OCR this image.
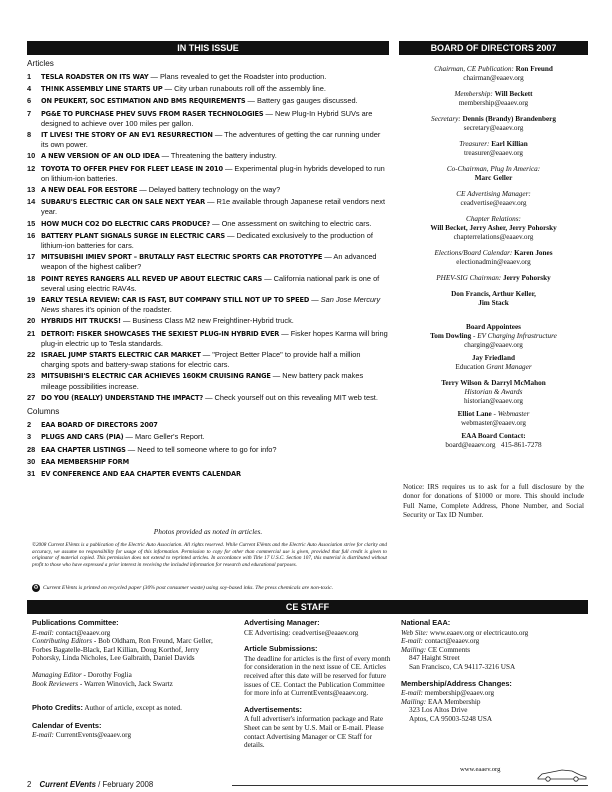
IN THIS ISSUE
Articles
1	TESLA ROADSTER ON ITS WAY — Plans revealed to get the Roadster into production.
4	TH!NK ASSEMBLY LINE STARTS UP — City urban runabouts roll off the assembly line.
6	ON PEUKERT, SOC ESTIMATION AND BMS REQUIREMENTS — Battery gas gauges discussed.
7	PG&E TO PURCHASE PHEV SUVS FROM RASER TECHNOLOGIES — New Plug-In Hybrid SUVs are designed to achieve over 100 miles per gallon.
8	IT LIVES! THE STORY OF AN EV1 RESURRECTION — The adventures of getting the car running under its own power.
10 A NEW VERSION OF AN OLD IDEA — Threatening the battery industry.
12 TOYOTA TO OFFER PHEV FOR FLEET LEASE IN 2010 — Experimental plug-in hybrids developed to run on lithium-ion batteries.
13 A NEW DEAL FOR EESTORE — Delayed battery technology on the way?
14 SUBARU'S ELECTRIC CAR ON SALE NEXT YEAR — R1e available through Japanese retail vendors next year.
15 HOW MUCH CO2 DO ELECTRIC CARS PRODUCE? — One assessment on switching to electric cars.
16 BATTERY PLANT SIGNALS SURGE IN ELECTRIC CARS — Dedicated exclusively to the production of lithium-ion batteries for cars.
17 MITSUBISHI IMIEV SPORT – BRUTALLY FAST ELECTRIC SPORTS CAR PROTOTYPE — An advanced weapon of the highest caliber?
18 POINT REYES RANGERS ALL REVED UP ABOUT ELECTRIC CARS — California national park is one of several using electric RAV4s.
19 EARLY TESLA REVIEW: CAR IS FAST, BUT COMPANY STILL NOT UP TO SPEED — San Jose Mercury News shares it's opinion of the roadster.
20 HYBRIDS HIT TRUCKS! — Business Class M2 new Freightliner-Hybrid truck.
21 DETROIT: FISKER SHOWCASES THE SEXIEST PLUG-IN HYBRID EVER — Fisker hopes Karma will bring plug-in electric up to Tesla standards.
22 ISRAEL JUMP STARTS ELECTRIC CAR MARKET — "Project Better Place" to provide half a million charging spots and battery-swap stations for electric cars.
23 MITSUBISHI'S ELECTRIC CAR ACHIEVES 160KM CRUISING RANGE — New battery pack makes mileage possibilities increase.
27 DO YOU (REALLY) UNDERSTAND THE IMPACT? — Check yourself out on this revealing MIT web test.
Columns
2	EAA BOARD OF DIRECTORS 2007
3	PLUGS AND CARS (PIA) — Marc Geller's Report.
28 EAA CHAPTER LISTINGS — Need to tell someone where to go for info?
30 EAA MEMBERSHIP FORM
31 EV CONFERENCE AND EAA CHAPTER EVENTS CALENDAR
BOARD OF DIRECTORS 2007
Chairman, CE Publication: Ron Freund
chairman@eaaev.org
Membership: Will Beckett
membership@eaaev.org
Secretary: Dennis (Brandy) Brandenberg
secretary@eaaev.org
Treasurer: Earl Killian
treasurer@eaaev.org
Co-Chairman, Plug In America:
Marc Geller
CE Advertising Manager:
ceadvertise@eaaev.org
Chapter Relations:
Will Becket, Jerry Asher, Jerry Pohorsky
chapterrelations@eaaev.org
Elections/Board Calendar: Karen Jones
electionadmin@eaaev.org
PHEV-SIG Chairman: Jerry Pohorsky
Don Francis, Arthur Keller,
Jim Stack
Board Appointees
Tom Dowling - EV Charging Infrastructure
charging@eaaev.org
Jay Friedland
Education Grant Manager
Terry Wilson & Darryl McMahon
Historian & Awards
historian@eaaev.org
Elliot Lane - Webmaster
webmaster@eaaev.org
EAA Board Contact:
board@eaaev.org 415-861-7278
Notice: IRS requires us to ask for a full disclosure by the donor for donations of $1000 or more. This should include Full Name, Complete Address, Phone Number, and Social Security or Tax ID Number.
Photos provided as noted in articles.
©2008 Current EVents is a publication of the Electric Auto Association. All rights reserved. While Current EVents and the Electric Auto Association strive for clarity and accuracy, we assume no responsibility for usage of this information. Permission to copy for other than commercial use is given, provided that full credit is given to originator of material copied. This permission does not extend to reprinted articles. In accordance with Title 17 U.S.C. Section 107, this material is distributed without profit to those who have expressed a prior interest in receiving the included information for research and educational purposes.
♻ Current EVents is printed on recycled paper (30% post consumer waste) using soy-based inks. The press chemicals are non-toxic.
CE STAFF
Publications Committee:
E-mail: contact@eaaev.org
Contributing Editors - Bob Oldham, Ron Freund, Marc Geller, Forbes Bagatelle-Black, Earl Killian, Doug Korthof, Jerry Pohorsky, Linda Nicholes, Lee Galbraith, Daniel Davids
Managing Editor - Dorothy Foglia
Book Reviewers - Warren Winovich, Jack Swartz
Photo Credits: Author of article, except as noted.
Calendar of Events:
E-mail: CurrentEvents@eaaev.org
Advertising Manager:
CE Advertising: ceadvertise@eaaev.org
Article Submissions:
The deadline for articles is the first of every month for consideration in the next issue of CE. Articles received after this date will be reserved for future issues of CE. Contact the Publication Committee for more info at CurrentEvents@eaaev.org.
Advertisements:
A full advertiser's information package and Rate Sheet can be sent by U.S. Mail or E-mail. Please contact Advertising Manager or CE Staff for details.
National EAA:
Web Site: www.eaaev.org or electricauto.org
E-mail: contact@eaaev.org
Mailing: CE Comments
847 Haight Street
San Francisco, CA 94117-3216 USA
Membership/Address Changes:
E-mail: membership@eaaev.org
Mailing: EAA Membership
323 Los Altos Drive
Aptos, CA 95003-5248 USA
www.eaaev.org
2 Current EVents / February 2008
